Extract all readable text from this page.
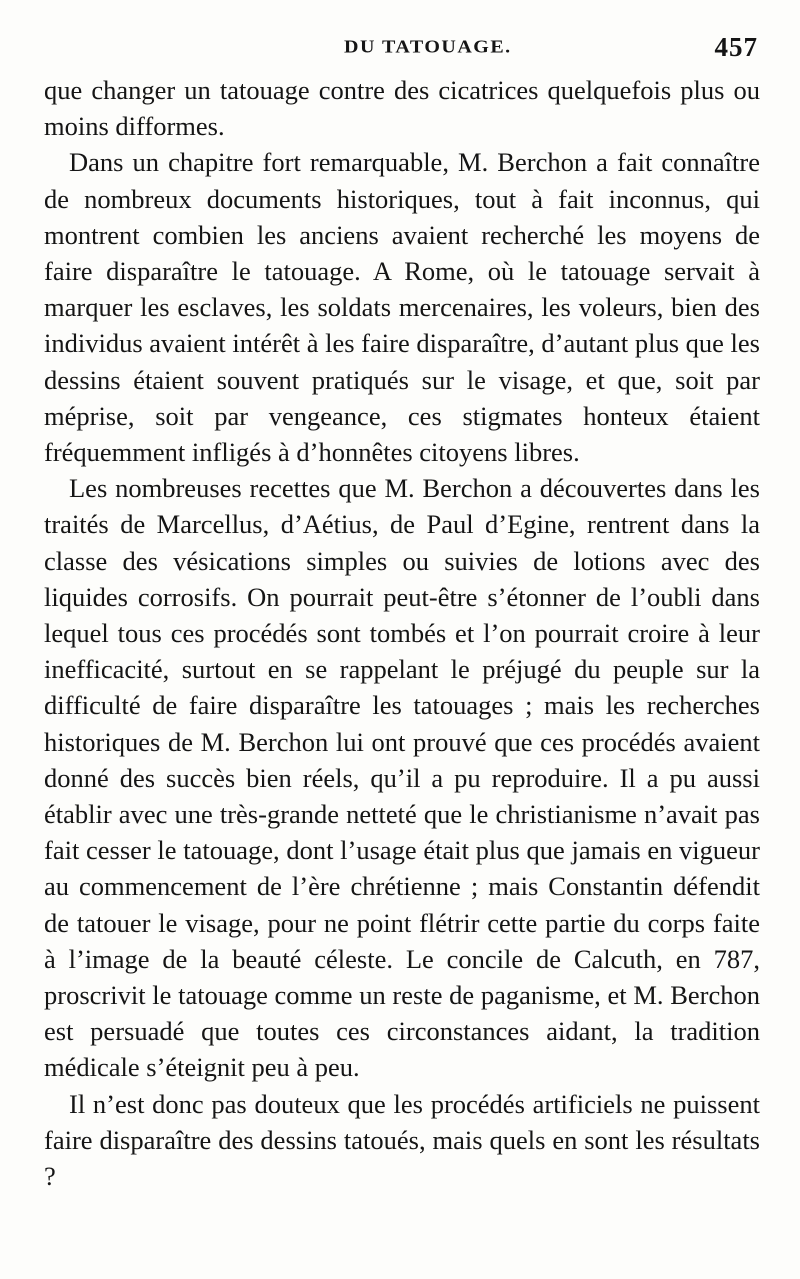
DU TATOUAGE.	457

que changer un tatouage contre des cicatrices quelquefois plus ou moins difformes.

Dans un chapitre fort remarquable, M. Berchon a fait connaître de nombreux documents historiques, tout à fait inconnus, qui montrent combien les anciens avaient recherché les moyens de faire disparaître le tatouage. A Rome, où le tatouage servait à marquer les esclaves, les soldats mercenaires, les voleurs, bien des individus avaient intérêt à les faire disparaître, d’autant plus que les dessins étaient souvent pratiqués sur le visage, et que, soit par méprise, soit par vengeance, ces stigmates honteux étaient fréquemment infligés à d’honnêtes citoyens libres.

Les nombreuses recettes que M. Berchon a découvertes dans les traités de Marcellus, d’Aétius, de Paul d’Egine, rentrent dans la classe des vésications simples ou suivies de lotions avec des liquides corrosifs. On pourrait peut-être s’étonner de l’oubli dans lequel tous ces procédés sont tombés et l’on pourrait croire à leur inefficacité, surtout en se rappelant le préjugé du peuple sur la difficulté de faire disparaître les tatouages ; mais les recherches historiques de M. Berchon lui ont prouvé que ces procédés avaient donné des succès bien réels, qu’il a pu reproduire. Il a pu aussi établir avec une très-grande netteté que le christianisme n’avait pas fait cesser le tatouage, dont l’usage était plus que jamais en vigueur au commencement de l’ère chrétienne ; mais Constantin défendit de tatouer le visage, pour ne point flétrir cette partie du corps faite à l’image de la beauté céleste. Le concile de Calcuth, en 787, proscrivit le tatouage comme un reste de paganisme, et M. Berchon est persuadé que toutes ces circonstances aidant, la tradition médicale s’éteignit peu à peu.

Il n’est donc pas douteux que les procédés artificiels ne puissent faire disparaître des dessins tatoués, mais quels en sont les résultats ?
